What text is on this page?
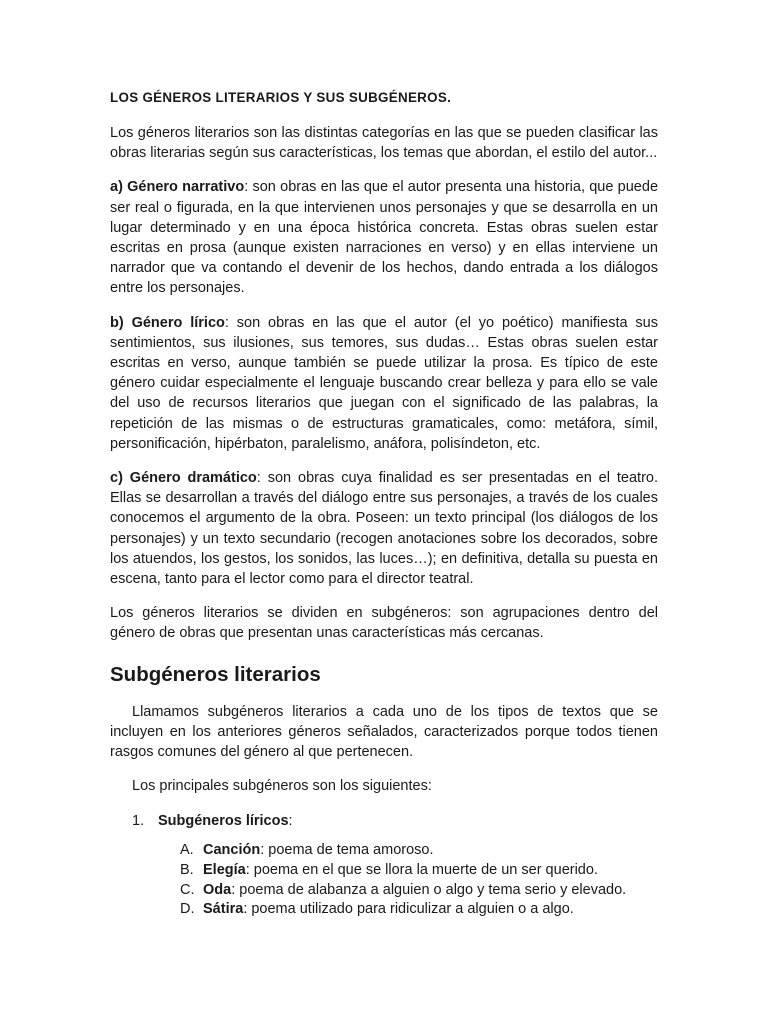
LOS GÉNEROS LITERARIOS Y SUS SUBGÉNEROS.

Los géneros literarios son las distintas categorías en las que se pueden clasificar las obras literarias según sus características, los temas que abordan, el estilo del autor...

a) Género narrativo: son obras en las que el autor presenta una historia, que puede ser real o figurada, en la que intervienen unos personajes y que se desarrolla en un lugar determinado y en una época histórica concreta. Estas obras suelen estar escritas en prosa (aunque existen narraciones en verso) y en ellas interviene un narrador que va contando el devenir de los hechos, dando entrada a los diálogos entre los personajes.

b) Género lírico: son obras en las que el autor (el yo poético) manifiesta sus sentimientos, sus ilusiones, sus temores, sus dudas… Estas obras suelen estar escritas en verso, aunque también se puede utilizar la prosa. Es típico de este género cuidar especialmente el lenguaje buscando crear belleza y para ello se vale del uso de recursos literarios que juegan con el significado de las palabras, la repetición de las mismas o de estructuras gramaticales, como: metáfora, símil, personificación, hipérbaton, paralelismo, anáfora, polisíndeton, etc.

c) Género dramático: son obras cuya finalidad es ser presentadas en el teatro. Ellas se desarrollan a través del diálogo entre sus personajes, a través de los cuales conocemos el argumento de la obra. Poseen: un texto principal (los diálogos de los personajes) y un texto secundario (recogen anotaciones sobre los decorados, sobre los atuendos, los gestos, los sonidos, las luces…); en definitiva, detalla su puesta en escena, tanto para el lector como para el director teatral.

Los géneros literarios se dividen en subgéneros: son agrupaciones dentro del género de obras que presentan unas características más cercanas.

Subgéneros literarios

Llamamos subgéneros literarios a cada uno de los tipos de textos que se incluyen en los anteriores géneros señalados, caracterizados porque todos tienen rasgos comunes del género al que pertenecen.

Los principales subgéneros son los siguientes:

1. Subgéneros líricos:
A. Canción: poema de tema amoroso.
B. Elegía: poema en el que se llora la muerte de un ser querido.
C. Oda: poema de alabanza a alguien o algo y tema serio y elevado.
D. Sátira: poema utilizado para ridiculizar a alguien o a algo.
